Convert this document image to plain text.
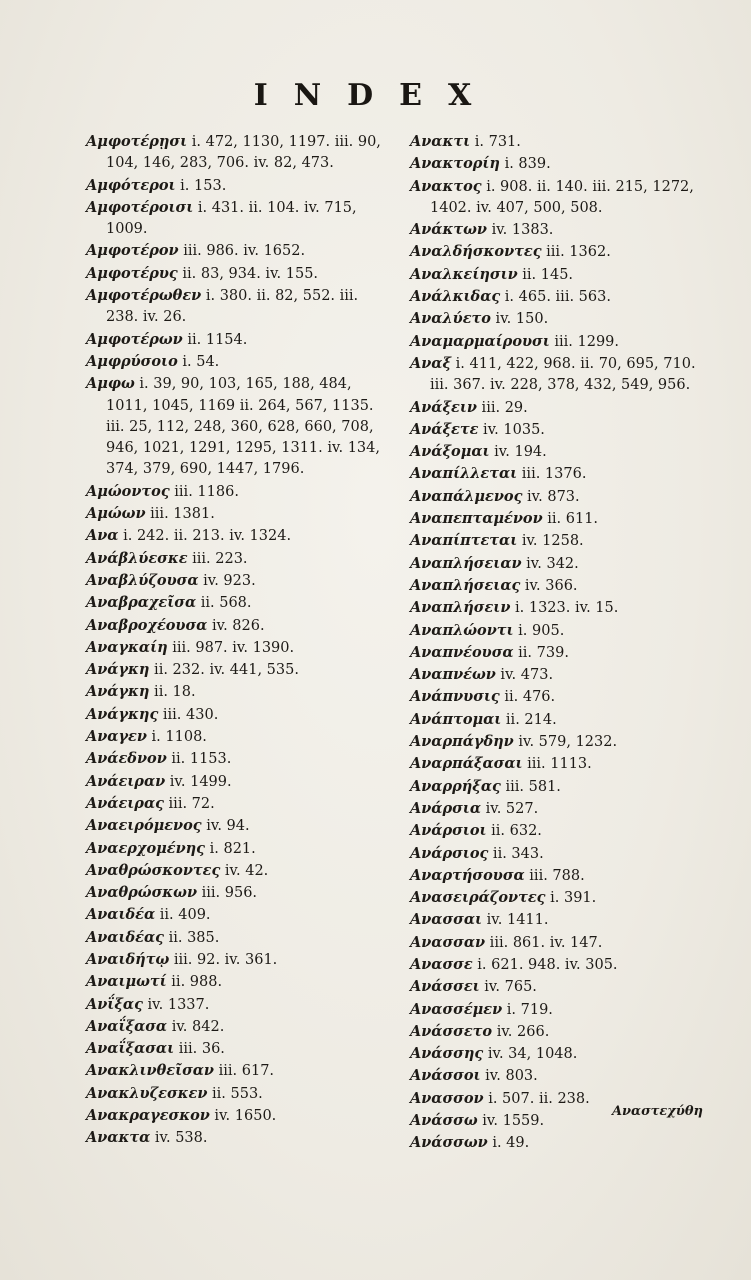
INDEX
Αμφοτέρῃσι i. 472, 1130, 1197. iii. 90, 104, 146, 283, 706. iv. 82, 473.
Αμφότεροι i. 153.
Αμφοτέροισι i. 431. ii. 104. iv. 715, 1009.
Αμφοτέρον iii. 986. iv. 1652.
Αμφοτέρυς ii. 83, 934. iv. 155.
Αμφοτέρωθεν i. 380. ii. 82, 552. iii. 238. iv. 26.
Αμφοτέρων ii. 1154.
Αμφρύσοιο i. 54.
Αμφω i. 39, 90, 103, 165, 188, 484, 1011, 1045, 1169 ii. 264, 567, 1135. iii. 25, 112, 248, 360, 628, 660, 708, 946, 1021, 1291, 1295, 1311. iv. 134, 374, 379, 690, 1447, 1796.
Αμώοντος iii. 1186.
Αμώων iii. 1381.
Ανα i. 242. ii. 213. iv. 1324.
Ανάβλύεσκε iii. 223.
Αναβλύζουσα iv. 923.
Αναβραχεῖσα ii. 568.
Αναβροχέουσα iv. 826.
Αναγκαίη iii. 987. iv. 1390.
Ανάγκη ii. 232. iv. 441, 535.
Ανάγκη ii. 18.
Ανάγκης iii. 430.
Αναγεν i. 1108.
Ανάεδνον ii. 1153.
Ανάειραν iv. 1499.
Ανάειρας iii. 72.
Αναειρόμενος iv. 94.
Αναερχομένης i. 821.
Αναθρώσκοντες iv. 42.
Αναθρώσκων iii. 956.
Αναιδέα ii. 409.
Αναιδέας ii. 385.
Αναιδήτῳ iii. 92. iv. 361.
Αναιμωτί ii. 988.
Ανΐξας iv. 1337.
Αναΐξασα iv. 842.
Αναΐξασαι iii. 36.
Ανακλινθεῖσαν iii. 617.
Ανακλυζεσκεν ii. 553.
Ανακραγεσκον iv. 1650.
Ανακτα iv. 538.
Ανακτι i. 731.
Ανακτορίη i. 839.
Ανακτος i. 908. ii. 140. iii. 215, 1272, 1402. iv. 407, 500, 508.
Ανάκτων iv. 1383.
Αναλδήσκοντες iii. 1362.
Αναλκείησιν ii. 145.
Ανάλκιδας i. 465. iii. 563.
Αναλύετο iv. 150.
Αναμαρμαίρουσι iii. 1299.
Αναξ i. 411, 422, 968. ii. 70, 695, 710. iii. 367. iv. 228, 378, 432, 549, 956.
Ανάξειν iii. 29.
Ανάξετε iv. 1035.
Ανάξομαι iv. 194.
Αναπίλλεται iii. 1376.
Αναπάλμενος iv. 873.
Αναπεπταμένον ii. 611.
Αναπίπτεται iv. 1258.
Αναπλήσειαν iv. 342.
Αναπλήσειας iv. 366.
Αναπλήσειν i. 1323. iv. 15.
Αναπλώοντι i. 905.
Αναπνέουσα ii. 739.
Αναπνέων iv. 473.
Ανάπνυσις ii. 476.
Ανάπτομαι ii. 214.
Αναρπάγδην iv. 579, 1232.
Αναρπάξασαι iii. 1113.
Αναρρήξας iii. 581.
Ανάρσια iv. 527.
Ανάρσιοι ii. 632.
Ανάρσιος ii. 343.
Αναρτήσουσα iii. 788.
Ανασειράζοντες i. 391.
Ανασσαι iv. 1411.
Ανασσαν iii. 861. iv. 147.
Ανασσε i. 621. 948. iv. 305.
Ανάσσει iv. 765.
Ανασσέμεν i. 719.
Ανάσσετο iv. 266.
Ανάσσης iv. 34, 1048.
Ανάσσοι iv. 803.
Ανασσον i. 507. ii. 238.
Ανάσσω iv. 1559.
Ανάσσων i. 49.
Αναστεχύθη
